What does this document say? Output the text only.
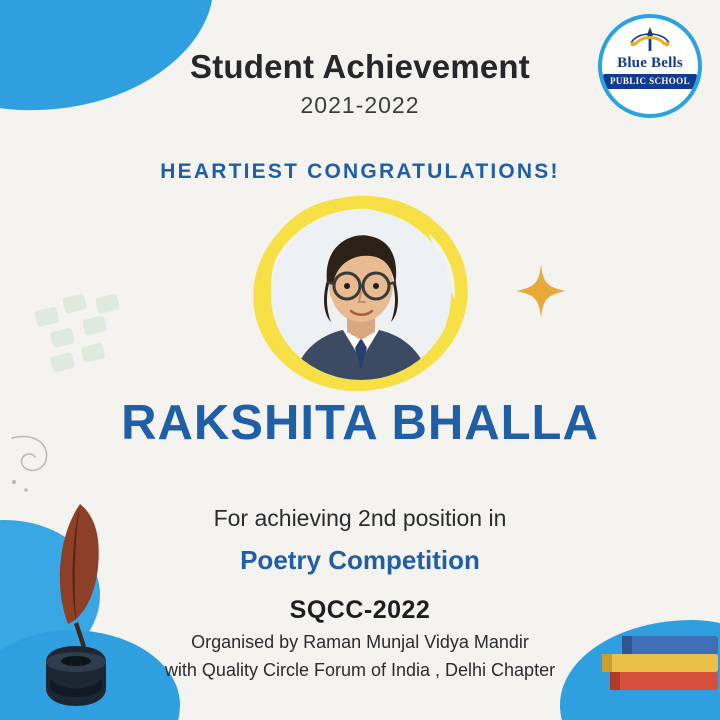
Blue Bells
PUBLIC SCHOOL
Student Achievement
2021-2022
HEARTIEST CONGRATULATIONS!
RAKSHITA BHALLA
For achieving 2nd position in
Poetry Competition
SQCC-2022
Organised by Raman Munjal Vidya Mandir
with Quality Circle Forum of India , Delhi Chapter
